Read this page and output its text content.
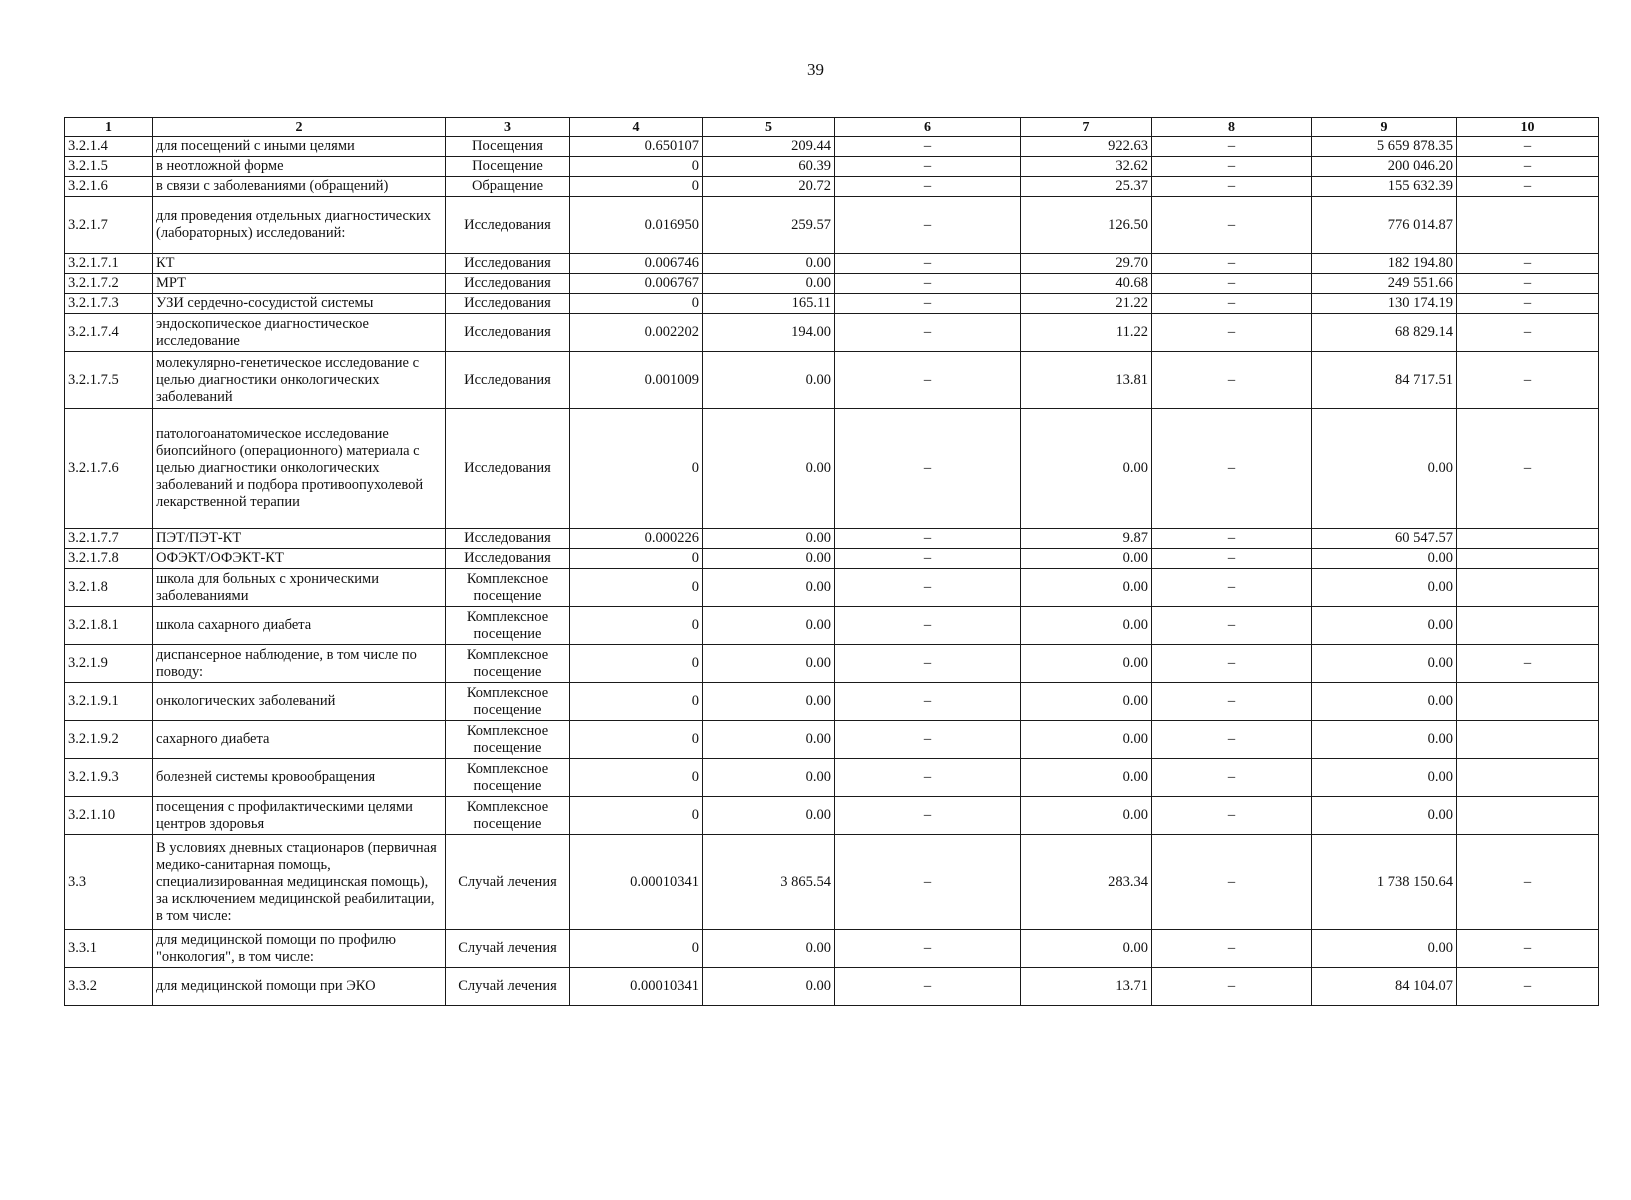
39
1	2	3	4	5	6	7	8	9	10
3.2.1.4	для посещений с иными целями	Посещения	0.650107	209.44	–	922.63	–	5 659 878.35	–
3.2.1.5	в неотложной форме	Посещение	0	60.39	–	32.62	–	200 046.20	–
3.2.1.6	в связи с заболеваниями (обращений)	Обращение	0	20.72	–	25.37	–	155 632.39	–
3.2.1.7	для проведения отдельных диагностических (лабораторных) исследований:	Исследования	0.016950	259.57	–	126.50	–	776 014.87	
3.2.1.7.1	КТ	Исследования	0.006746	0.00	–	29.70	–	182 194.80	–
3.2.1.7.2	МРТ	Исследования	0.006767	0.00	–	40.68	–	249 551.66	–
3.2.1.7.3	УЗИ сердечно-сосудистой системы	Исследования	0	165.11	–	21.22	–	130 174.19	–
3.2.1.7.4	эндоскопическое диагностическое исследование	Исследования	0.002202	194.00	–	11.22	–	68 829.14	–
3.2.1.7.5	молекулярно-генетическое исследование с целью диагностики онкологических заболеваний	Исследования	0.001009	0.00	–	13.81	–	84 717.51	–
3.2.1.7.6	патологоанатомическое исследование биопсийного (операционного) материала с целью диагностики онкологических заболеваний и подбора противоопухолевой лекарственной терапии	Исследования	0	0.00	–	0.00	–	0.00	–
3.2.1.7.7	ПЭТ/ПЭТ-КТ	Исследования	0.000226	0.00	–	9.87	–	60 547.57	
3.2.1.7.8	ОФЭКТ/ОФЭКТ-КТ	Исследования	0	0.00	–	0.00	–	0.00	
3.2.1.8	школа для больных с хроническими заболеваниями	Комплексное посещение	0	0.00	–	0.00	–	0.00	
3.2.1.8.1	школа сахарного диабета	Комплексное посещение	0	0.00	–	0.00	–	0.00	
3.2.1.9	диспансерное наблюдение, в том числе по поводу:	Комплексное посещение	0	0.00	–	0.00	–	0.00	–
3.2.1.9.1	онкологических заболеваний	Комплексное посещение	0	0.00	–	0.00	–	0.00	
3.2.1.9.2	сахарного диабета	Комплексное посещение	0	0.00	–	0.00	–	0.00	
3.2.1.9.3	болезней системы кровообращения	Комплексное посещение	0	0.00	–	0.00	–	0.00	
3.2.1.10	посещения с профилактическими целями центров здоровья	Комплексное посещение	0	0.00	–	0.00	–	0.00	
3.3	В условиях дневных стационаров (первичная медико-санитарная помощь, специализированная медицинская помощь), за исключением медицинской реабилитации, в том числе:	Случай лечения	0.00010341	3 865.54	–	283.34	–	1 738 150.64	–
3.3.1	для медицинской помощи по профилю "онкология", в том числе:	Случай лечения	0	0.00	–	0.00	–	0.00	–
3.3.2	для медицинской помощи при ЭКО	Случай лечения	0.00010341	0.00	–	13.71	–	84 104.07	–
